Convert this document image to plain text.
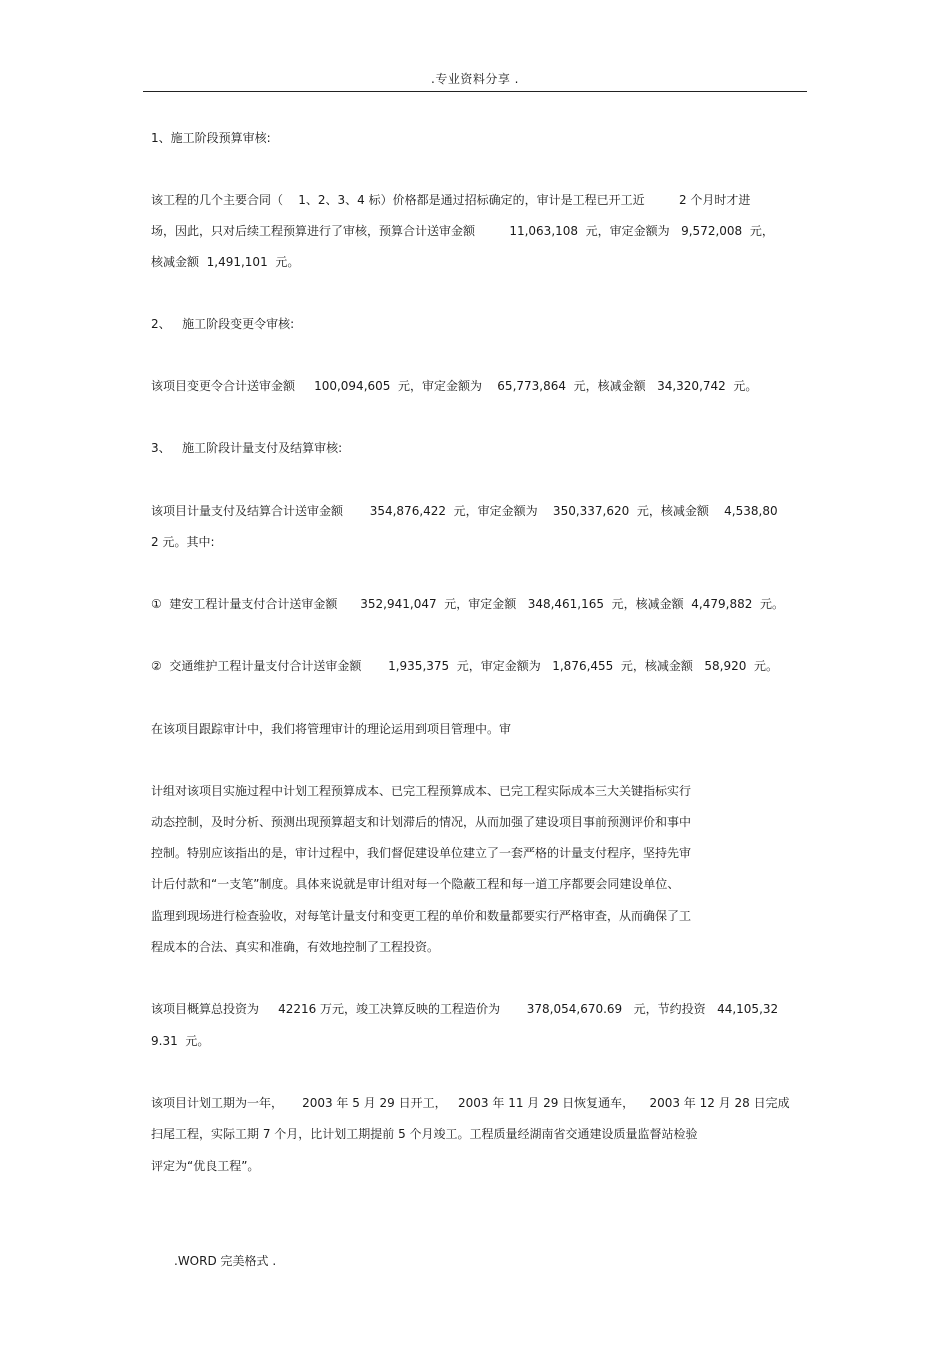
.专业资料分享 .
1、施工阶段预算审核:
该工程的几个主要合同（    1、2、3、4 标）价格都是通过招标确定的，审计是工程已开工近         2 个月时才进
场，因此，只对后续工程预算进行了审核，预算合计送审金额         11,063,108  元，审定金额为   9,572,008  元，
核减金额  1,491,101  元。
2、   施工阶段变更令审核:
该项目变更令合计送审金额     100,094,605  元，审定金额为    65,773,864  元，核减金额   34,320,742  元。
3、   施工阶段计量支付及结算审核:
该项目计量支付及结算合计送审金额       354,876,422  元，审定金额为    350,337,620  元，核减金额    4,538,80
2 元。其中:
①  建安工程计量支付合计送审金额      352,941,047  元，审定金额   348,461,165  元，核减金额  4,479,882  元。
②  交通维护工程计量支付合计送审金额       1,935,375  元，审定金额为   1,876,455  元，核减金额   58,920  元。
在该项目跟踪审计中，我们将管理审计的理论运用到项目管理中。审
计组对该项目实施过程中计划工程预算成本、已完工程预算成本、已完工程实际成本三大关键指标实行
动态控制，及时分析、预测出现预算超支和计划滞后的情况，从而加强了建设项目事前预测评价和事中
控制。特别应该指出的是，审计过程中，我们督促建设单位建立了一套严格的计量支付程序，坚持先审
计后付款和“一支笔”制度。具体来说就是审计组对每一个隐蔽工程和每一道工序都要会同建设单位、
监理到现场进行检查验收，对每笔计量支付和变更工程的单价和数量都要实行严格审查，从而确保了工
程成本的合法、真实和准确，有效地控制了工程投资。
该项目概算总投资为     42216 万元，竣工决算反映的工程造价为       378,054,670.69   元，节约投资   44,105,32
9.31  元。
该项目计划工期为一年，     2003 年 5 月 29 日开工，   2003 年 11 月 29 日恢复通车，    2003 年 12 月 28 日完成
扫尾工程，实际工期 7 个月，比计划工期提前 5 个月竣工。工程质量经湖南省交通建设质量监督站检验
评定为“优良工程”。
.WORD 完美格式 .
